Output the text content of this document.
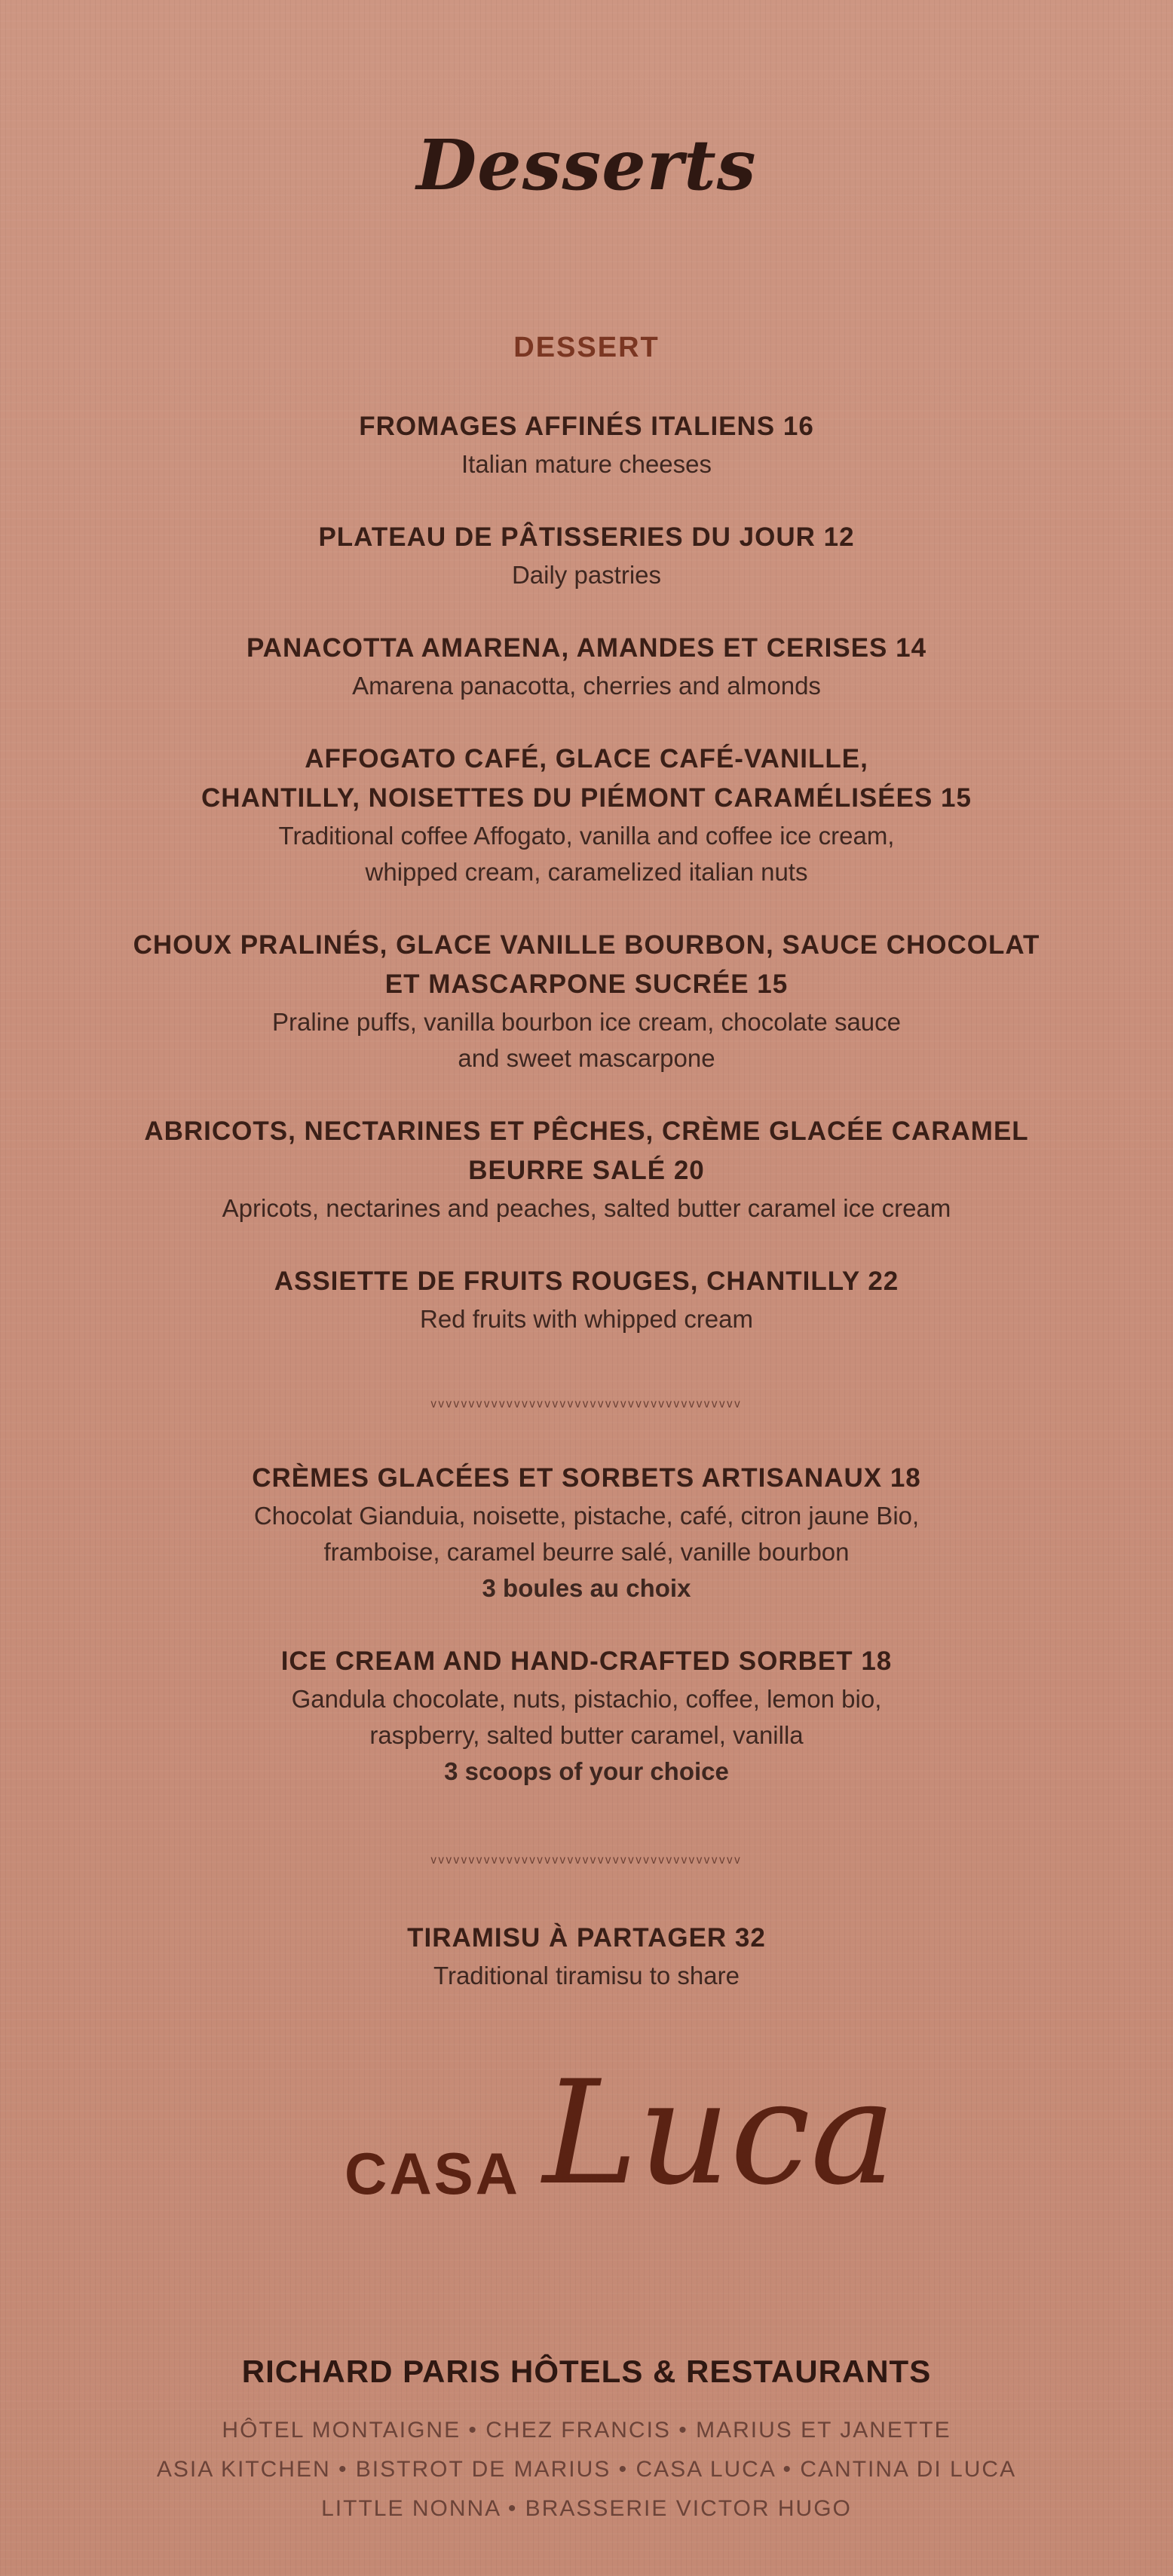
Desserts
DESSERT
FROMAGES AFFINÉS ITALIENS 16
Italian mature cheeses
PLATEAU DE PÂTISSERIES DU JOUR 12
Daily pastries
PANACOTTA AMARENA, AMANDES ET CERISES 14
Amarena panacotta, cherries and almonds
AFFOGATO CAFÉ, GLACE CAFÉ-VANILLE,
CHANTILLY, NOISETTES DU PIÉMONT CARAMÉLISÉES 15
Traditional coffee Affogato, vanilla and coffee ice cream,
whipped cream, caramelized italian nuts
CHOUX PRALINÉS, GLACE VANILLE BOURBON, SAUCE CHOCOLAT
ET MASCARPONE SUCRÉE 15
Praline puffs, vanilla bourbon ice cream, chocolate sauce
and sweet mascarpone
ABRICOTS, NECTARINES ET PÊCHES, CRÈME GLACÉE CARAMEL
BEURRE SALÉ 20
Apricots, nectarines and peaches, salted butter caramel ice cream
ASSIETTE DE FRUITS ROUGES, CHANTILLY 22
Red fruits with whipped cream
ᵛᵛᵛᵛᵛᵛᵛᵛᵛᵛᵛᵛᵛᵛᵛᵛᵛᵛᵛᵛᵛᵛᵛᵛᵛᵛᵛᵛᵛᵛᵛᵛᵛᵛᵛᵛᵛᵛᵛᵛᵛ
CRÈMES GLACÉES ET SORBETS ARTISANAUX 18
Chocolat Gianduia, noisette, pistache, café, citron jaune Bio,
framboise, caramel beurre salé, vanille bourbon
3 boules au choix
ICE CREAM AND HAND-CRAFTED SORBET 18
Gandula chocolate, nuts, pistachio, coffee, lemon bio,
raspberry, salted butter caramel, vanilla
3 scoops of your choice
ᵛᵛᵛᵛᵛᵛᵛᵛᵛᵛᵛᵛᵛᵛᵛᵛᵛᵛᵛᵛᵛᵛᵛᵛᵛᵛᵛᵛᵛᵛᵛᵛᵛᵛᵛᵛᵛᵛᵛᵛᵛ
TIRAMISU À PARTAGER 32
Traditional tiramisu to share
CASA Luca
RICHARD PARIS HÔTELS & RESTAURANTS
HÔTEL MONTAIGNE • CHEZ FRANCIS • MARIUS ET JANETTE
ASIA KITCHEN • BISTROT DE MARIUS • CASA LUCA • CANTINA DI LUCA
LITTLE NONNA • BRASSERIE VICTOR HUGO
